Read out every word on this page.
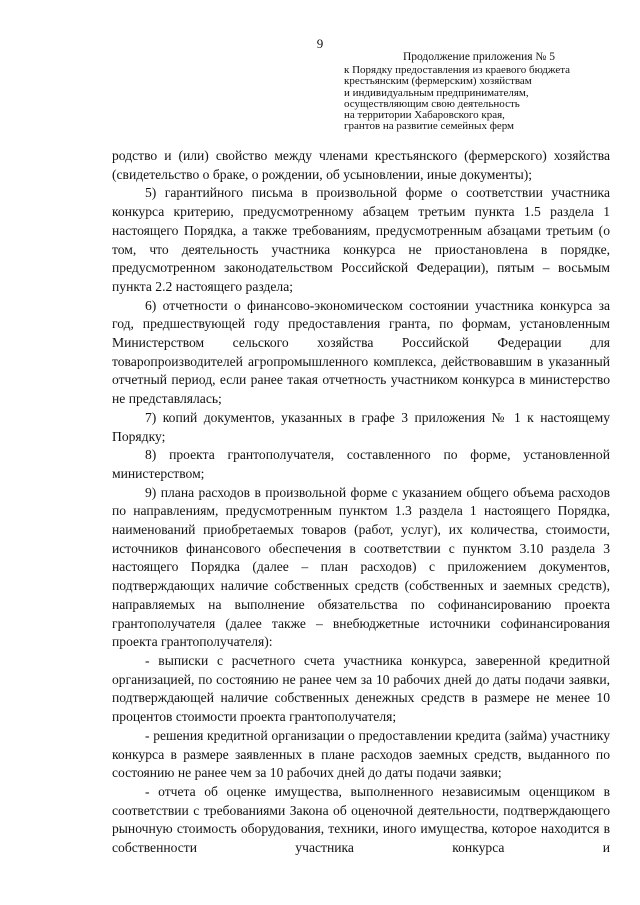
9
Продолжение приложения № 5
к Порядку предоставления из краевого бюджета
крестьянским (фермерским) хозяйствам
и индивидуальным предпринимателям,
осуществляющим свою деятельность
на территории Хабаровского края,
грантов на развитие семейных ферм

родство и (или) свойство между членами крестьянского (фермерского) хозяйства (свидетельство о браке, о рождении, об усыновлении, иные документы);

5) гарантийного письма в произвольной форме о соответствии участника конкурса критерию, предусмотренному абзацем третьим пункта 1.5 раздела 1 настоящего Порядка, а также требованиям, предусмотренным абзацами третьим (о том, что деятельность участника конкурса не приостановлена в порядке, предусмотренном законодательством Российской Федерации), пятым – восьмым пункта 2.2 настоящего раздела;

6) отчетности о финансово-экономическом состоянии участника конкурса за год, предшествующей году предоставления гранта, по формам, установленным Министерством сельского хозяйства Российской Федерации для товаропроизводителей агропромышленного комплекса, действовавшим в указанный отчетный период, если ранее такая отчетность участником конкурса в министерство не представлялась;

7) копий документов, указанных в графе 3 приложения № 1 к настоящему Порядку;

8) проекта грантополучателя, составленного по форме, установленной министерством;

9) плана расходов в произвольной форме с указанием общего объема расходов по направлениям, предусмотренным пунктом 1.3 раздела 1 настоящего Порядка, наименований приобретаемых товаров (работ, услуг), их количества, стоимости, источников финансового обеспечения в соответствии с пунктом 3.10 раздела 3 настоящего Порядка (далее – план расходов) с приложением документов, подтверждающих наличие собственных средств (собственных и заемных средств), направляемых на выполнение обязательства по софинансированию проекта грантополучателя (далее также – внебюджетные источники софинансирования проекта грантополучателя):

- выписки с расчетного счета участника конкурса, заверенной кредитной организацией, по состоянию не ранее чем за 10 рабочих дней до даты подачи заявки, подтверждающей наличие собственных денежных средств в размере не менее 10 процентов стоимости проекта грантополучателя;

- решения кредитной организации о предоставлении кредита (займа) участнику конкурса в размере заявленных в плане расходов заемных средств, выданного по состоянию не ранее чем за 10 рабочих дней до даты подачи заявки;

- отчета об оценке имущества, выполненного независимым оценщиком в соответствии с требованиями Закона об оценочной деятельности, подтверждающего рыночную стоимость оборудования, техники, иного имущества, которое находится в собственности участника конкурса и
